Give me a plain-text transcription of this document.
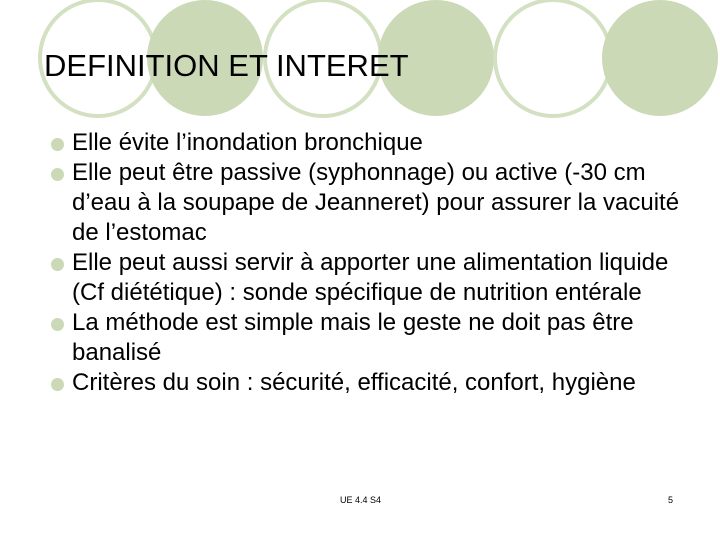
DEFINITION ET INTERET
Elle évite l’inondation bronchique
Elle peut être passive (syphonnage) ou active (-30 cm d’eau à la soupape de Jeanneret) pour assurer la vacuité de l’estomac
Elle peut aussi servir à apporter une alimentation liquide (Cf diététique) : sonde spécifique de nutrition entérale
La méthode est simple mais le geste ne doit pas être banalisé
Critères du soin : sécurité, efficacité, confort, hygiène
UE 4.4 S4	5
